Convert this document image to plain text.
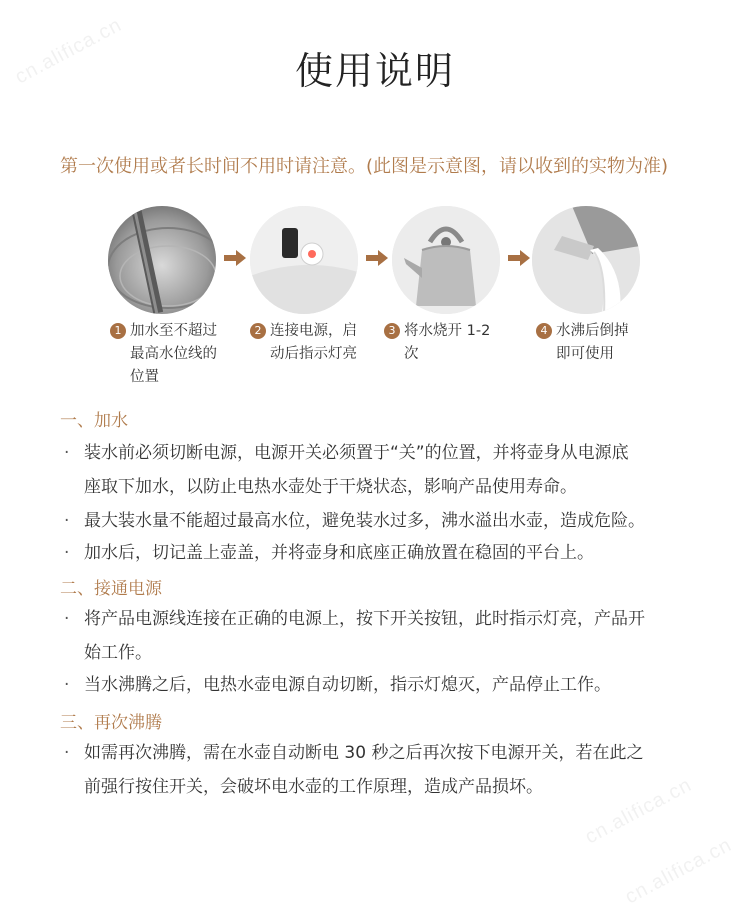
cn.alifica.cn
cn.alifica.cn
cn.alifica.cn
使用说明
第一次使用或者长时间不用时请注意。(此图是示意图，请以收到的实物为准)
1 加水至不超过
最高水位线的
位置
2 连接电源，启
动后指示灯亮
3 将水烧开 1-2
次
4 水沸后倒掉
即可使用
一、加水
· 装水前必须切断电源，电源开关必须置于“关”的位置，并将壶身从电源底
座取下加水，以防止电热水壶处于干烧状态，影响产品使用寿命。
· 最大装水量不能超过最高水位，避免装水过多，沸水溢出水壶，造成危险。
· 加水后，切记盖上壶盖，并将壶身和底座正确放置在稳固的平台上。
二、接通电源
· 将产品电源线连接在正确的电源上，按下开关按钮，此时指示灯亮，产品开
始工作。
· 当水沸腾之后，电热水壶电源自动切断，指示灯熄灭，产品停止工作。
三、再次沸腾
· 如需再次沸腾，需在水壶自动断电 30 秒之后再次按下电源开关，若在此之
前强行按住开关，会破坏电水壶的工作原理，造成产品损坏。
